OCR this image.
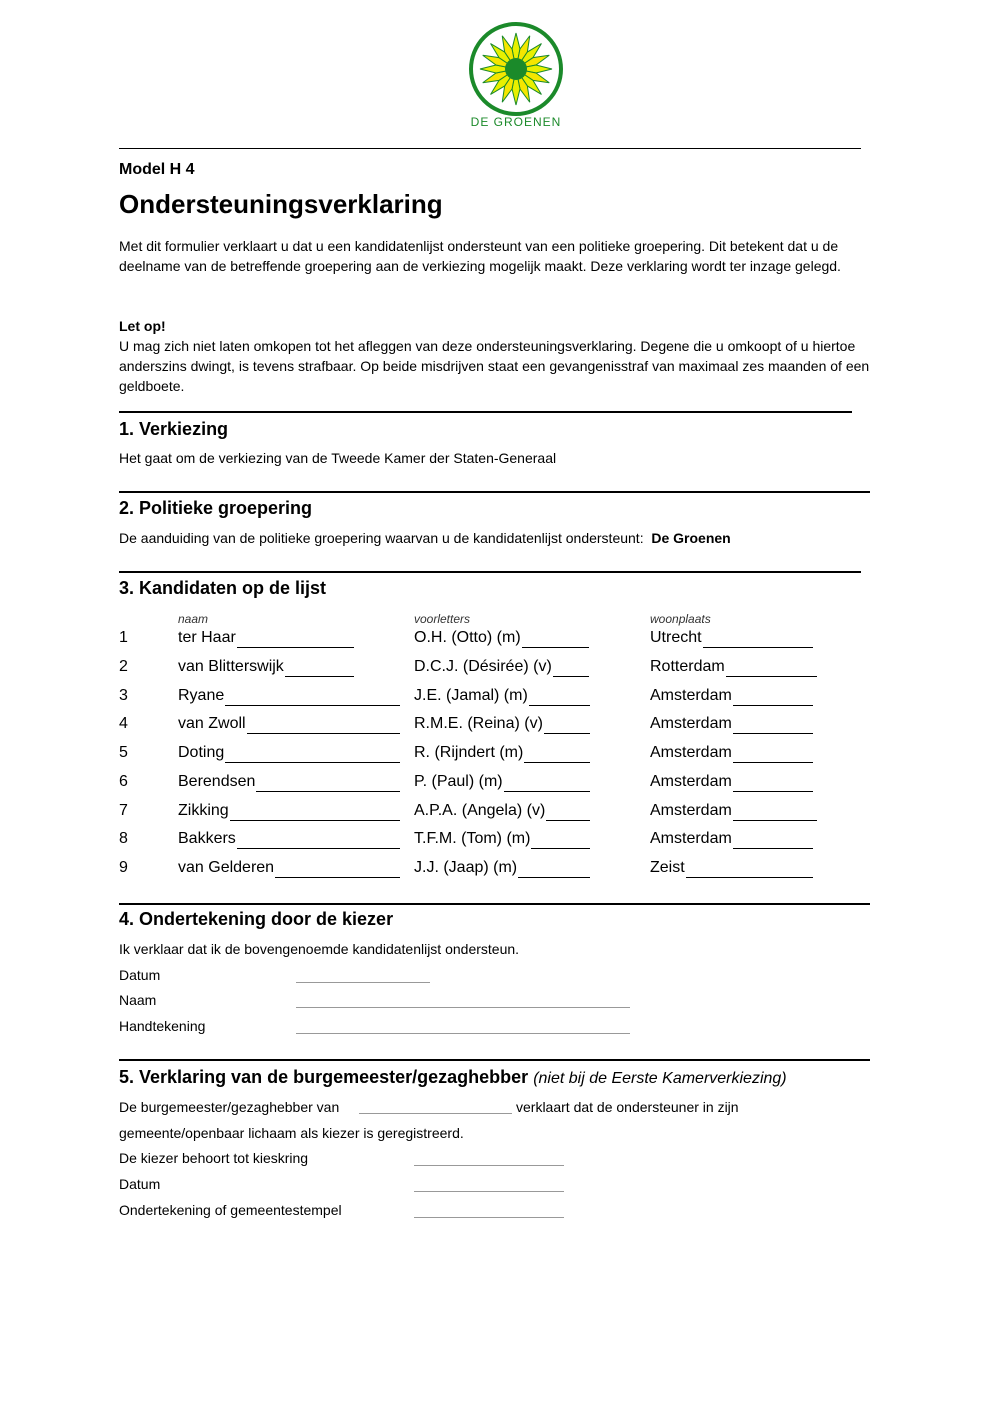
DE GROENEN
Model H 4
Ondersteuningsverklaring
Met dit formulier verklaart u dat u een kandidatenlijst ondersteunt van een politieke groepering. Dit betekent dat u de deelname van de betreffende groepering aan de verkiezing mogelijk maakt. Deze verklaring wordt ter inzage gelegd.
Let op!
U mag zich niet laten omkopen tot het afleggen van deze ondersteuningsverklaring. Degene die u omkoopt of u hiertoe anderszins dwingt, is tevens strafbaar. Op beide misdrijven staat een gevangenisstraf van maximaal zes maanden of een geldboete.
1. Verkiezing
Het gaat om de verkiezing van de Tweede Kamer der Staten-Generaal
2. Politieke groepering
De aanduiding van de politieke groepering waarvan u de kandidatenlijst ondersteunt: De Groenen
3. Kandidaten op de lijst
naam	voorletters	woonplaats
1	ter Haar	O.H. (Otto) (m)	Utrecht
2	van Blitterswijk	D.C.J. (Désirée) (v)	Rotterdam
3	Ryane	J.E. (Jamal) (m)	Amsterdam
4	van Zwoll	R.M.E. (Reina) (v)	Amsterdam
5	Doting	R. (Rijndert (m)	Amsterdam
6	Berendsen	P. (Paul) (m)	Amsterdam
7	Zikking	A.P.A. (Angela) (v)	Amsterdam
8	Bakkers	T.F.M. (Tom) (m)	Amsterdam
9	van Gelderen	J.J. (Jaap) (m)	Zeist
4. Ondertekening door de kiezer
Ik verklaar dat ik de bovengenoemde kandidatenlijst ondersteun.
Datum
Naam
Handtekening
5. Verklaring van de burgemeester/gezaghebber (niet bij de Eerste Kamerverkiezing)
De burgemeester/gezaghebber van	verklaart dat de ondersteuner in zijn
gemeente/openbaar lichaam als kiezer is geregistreerd.
De kiezer behoort tot kieskring
Datum
Ondertekening of gemeentestempel
